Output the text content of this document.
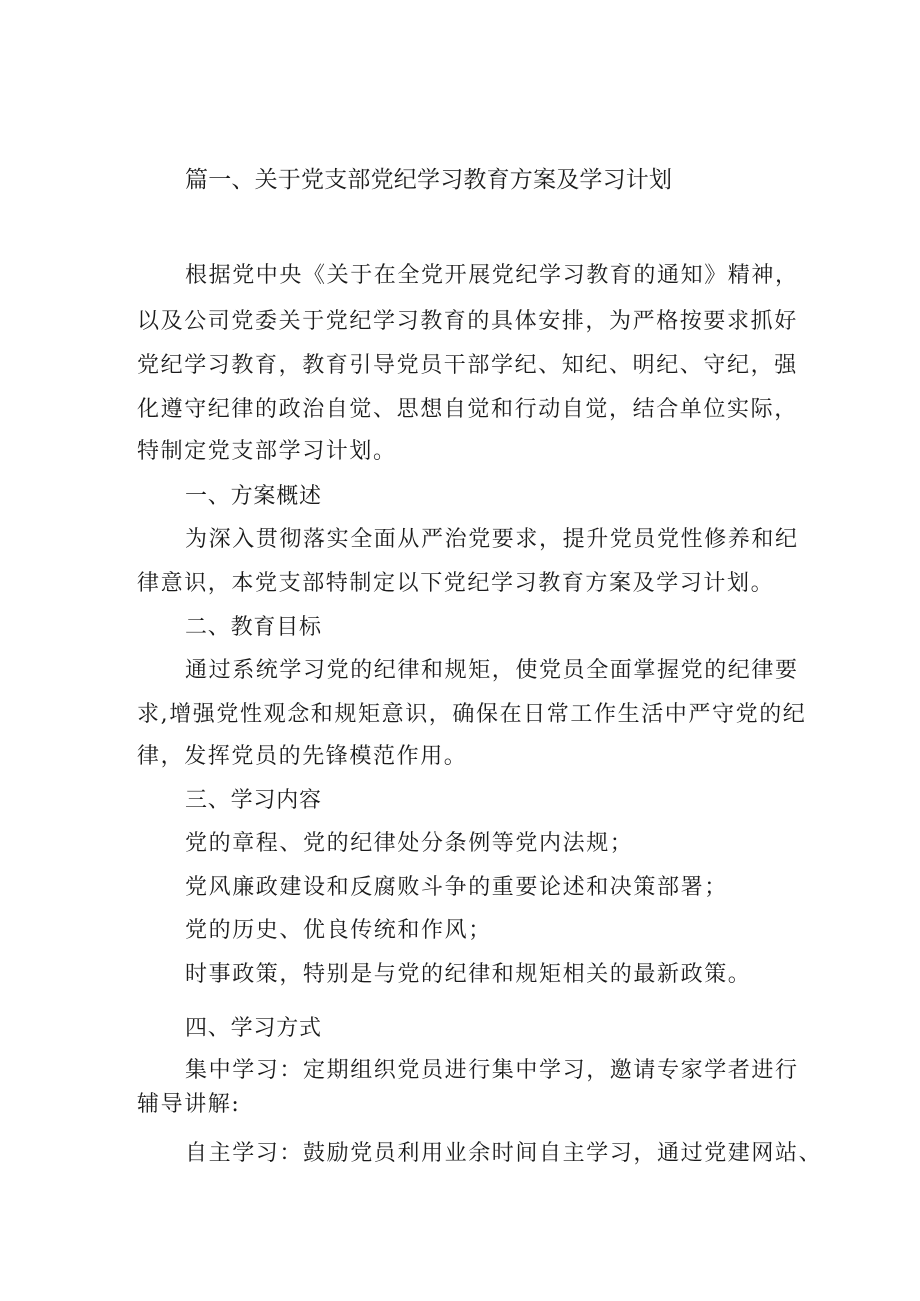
篇一、关于党支部党纪学习教育方案及学习计划
根据党中央《关于在全党开展党纪学习教育的通知》精神，
以及公司党委关于党纪学习教育的具体安排，为严格按要求抓好
党纪学习教育，教育引导党员干部学纪、知纪、明纪、守纪，强
化遵守纪律的政治自觉、思想自觉和行动自觉，结合单位实际，
特制定党支部学习计划。
一、方案概述
为深入贯彻落实全面从严治党要求，提升党员党性修养和纪
律意识，本党支部特制定以下党纪学习教育方案及学习计划。
二、教育目标
通过系统学习党的纪律和规矩，使党员全面掌握党的纪律要
求,增强党性观念和规矩意识，确保在日常工作生活中严守党的纪
律，发挥党员的先锋模范作用。
三、学习内容
党的章程、党的纪律处分条例等党内法规；
党风廉政建设和反腐败斗争的重要论述和决策部署；
党的历史、优良传统和作风；
时事政策，特别是与党的纪律和规矩相关的最新政策。
四、学习方式
集中学习：定期组织党员进行集中学习，邀请专家学者进行
辅导讲解:
自主学习：鼓励党员利用业余时间自主学习，通过党建网站、
